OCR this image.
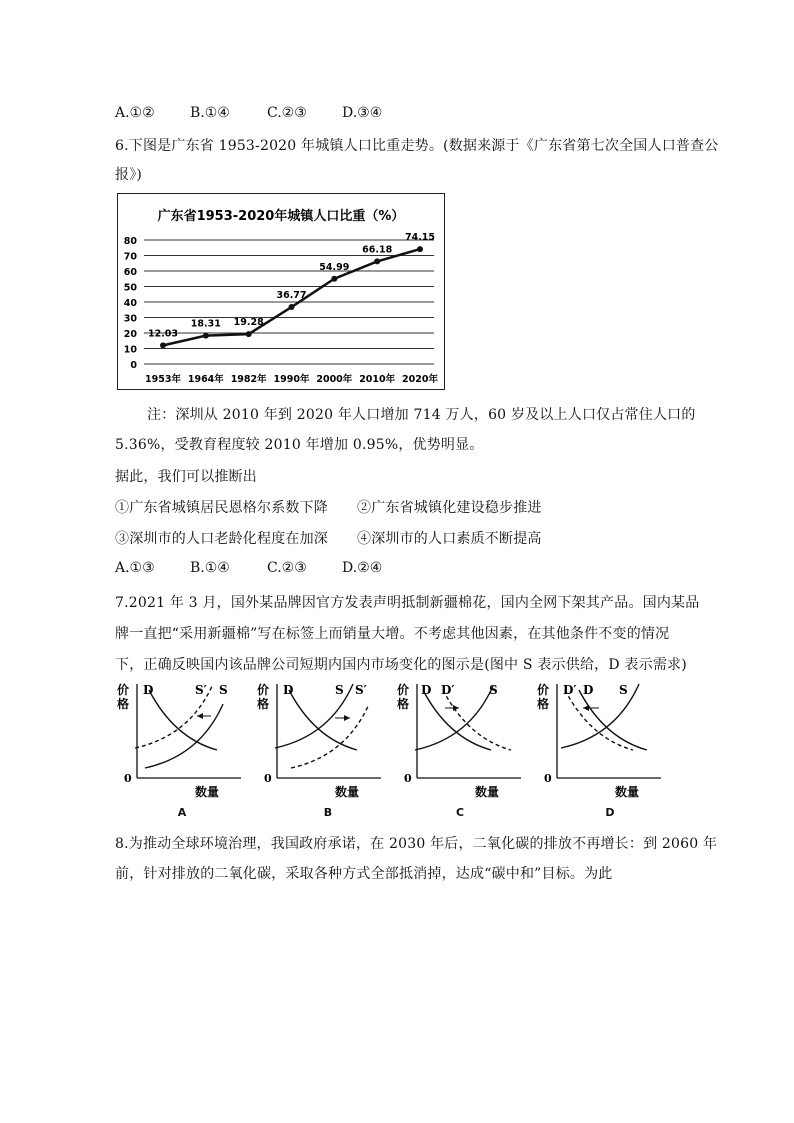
A.①②	B.①④	C.②③	D.③④
6.下图是广东省 1953-2020 年城镇人口比重走势。(数据来源于《广东省第七次全国人口普查公
报》)
广东省1953-2020年城镇人口比重（%）
0
10
20
30
40
50
60
70
80
1953年 1964年 1982年 1990年 2000年 2010年 2020年
12.03
18.31 19.28
36.77
54.99
66.18
74.15
注：深圳从 2010 年到 2020 年人口增加 714 万人，60 岁及以上人口仅占常住人口的
5.36%，受教育程度较 2010 年增加 0.95%，优势明显。
据此，我们可以推断出
①广东省城镇居民恩格尔系数下降 ②广东省城镇化建设稳步推进
③深圳市的人口老龄化程度在加深 ④深圳市的人口素质不断提高
A.①③	B.①④	C.②③	D.②④
7.2021 年 3 月，国外某品牌因官方发表声明抵制新疆棉花，国内全网下架其产品。国内某品
牌一直把“采用新疆棉”写在标签上而销量大增。不考虑其他因素，在其他条件不变的情况
下，正确反映国内该品牌公司短期内国内市场变化的图示是(图中 S 表示供给，D 表示需求)
价
格
0
数量
D	S′ S 价
格
0
数量
D	S S′	价
格
0
数量
D D′	S	价
格
0
数量
D′ D S
A	B	C	D
8.为推动全球环境治理，我国政府承诺，在 2030 年后，二氧化碳的排放不再增长：到 2060 年
前，针对排放的二氧化碳，采取各种方式全部抵消掉，达成“碳中和”目标。为此
